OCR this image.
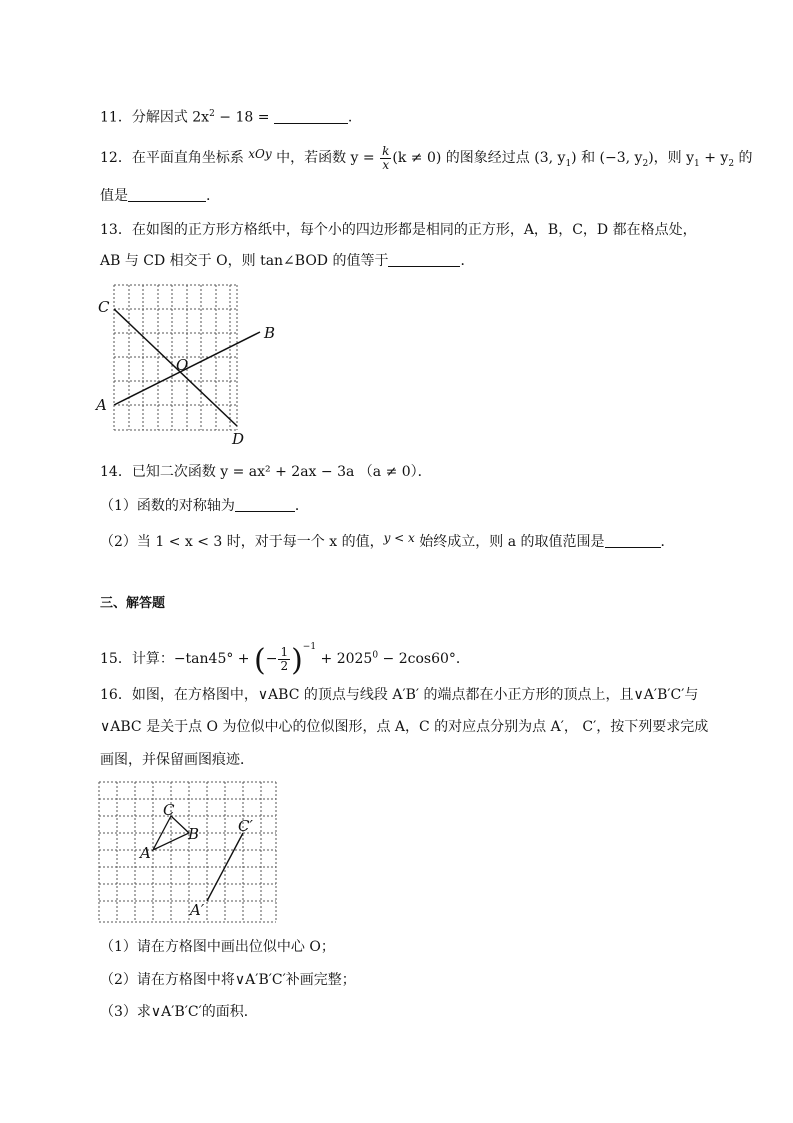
11．分解因式 $2x^2 - 18$ =	.
12．在平面直角坐标系 xOy 中，若函数 $y = \frac{k}{x} (k \ne 0)$ 的图象经过点 (3, $y_1$) 和 (−3, $y_2$)，则 $y_1 + y_2$ 的
值是	.
13．在如图的正方形方格纸中，每个小的四边形都是相同的正方形，A，B，C，D 都在格点处，
AB 与 CD 相交于 O，则 tan∠BOD 的值等于	．
C
B
O
A
D
14．已知二次函数 y = ax² + 2ax − 3a （a ≠ 0）．
（1）函数的对称轴为	．
（2）当 1 < x < 3 时，对于每一个 x 的值，y < x 始终成立，则 a 的取值范围是	．
三、解答题
15．计算：−tan45° + (− $\frac{1}{2} )^{-1} + 2025^0 - 2\cos 60^\circ$．
16．如图，在方格图中，∨ABC 的顶点与线段 A′B′ 的端点都在小正方形的顶点上，且∨A′B′C′与
∨ABC 是关于点 O 为位似中心的位似图形，点 A，C 的对应点分别为点 A′， C′，按下列要求完成
画图，并保留画图痕迹．
C
B
A
C′
A′
（1）请在方格图中画出位似中心 O；
（2）请在方格图中将∨A′B′C′补画完整；
（3）求∨A′B′C′的面积．
